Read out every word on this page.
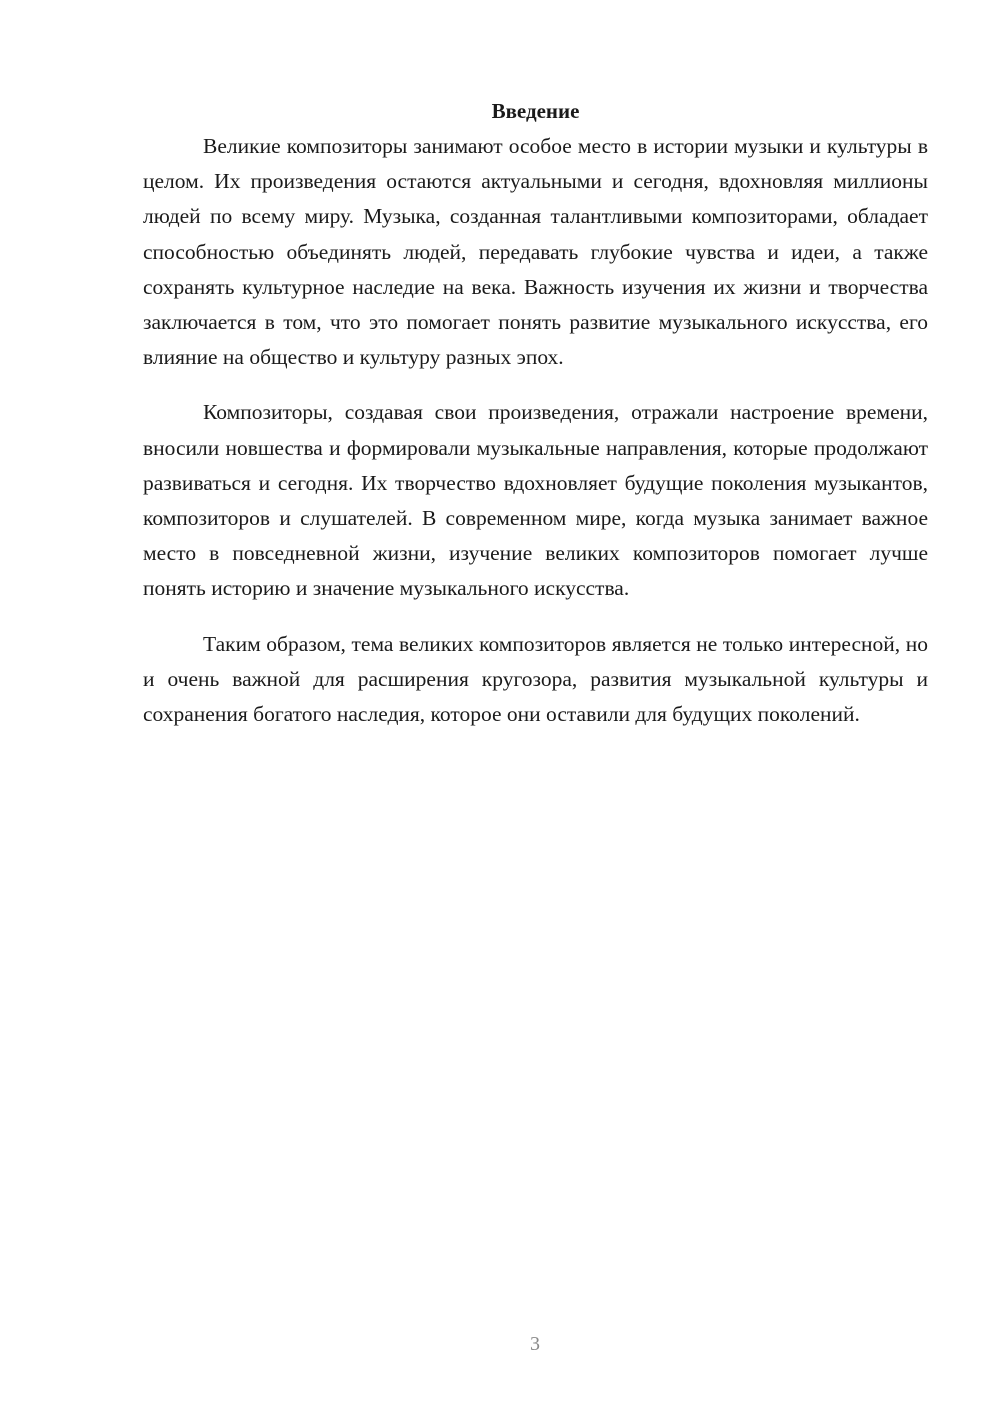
Введение

Великие композиторы занимают особое место в истории музыки и культуры в целом. Их произведения остаются актуальными и сегодня, вдохновляя миллионы людей по всему миру. Музыка, созданная талантливыми композиторами, обладает способностью объединять людей, передавать глубокие чувства и идеи, а также сохранять культурное наследие на века. Важность изучения их жизни и творчества заключается в том, что это помогает понять развитие музыкального искусства, его влияние на общество и культуру разных эпох.

Композиторы, создавая свои произведения, отражали настроение времени, вносили новшества и формировали музыкальные направления, которые продолжают развиваться и сегодня. Их творчество вдохновляет будущие поколения музыкантов, композиторов и слушателей. В современном мире, когда музыка занимает важное место в повседневной жизни, изучение великих композиторов помогает лучше понять историю и значение музыкального искусства.

Таким образом, тема великих композиторов является не только интересной, но и очень важной для расширения кругозора, развития музыкальной культуры и сохранения богатого наследия, которое они оставили для будущих поколений.

3
